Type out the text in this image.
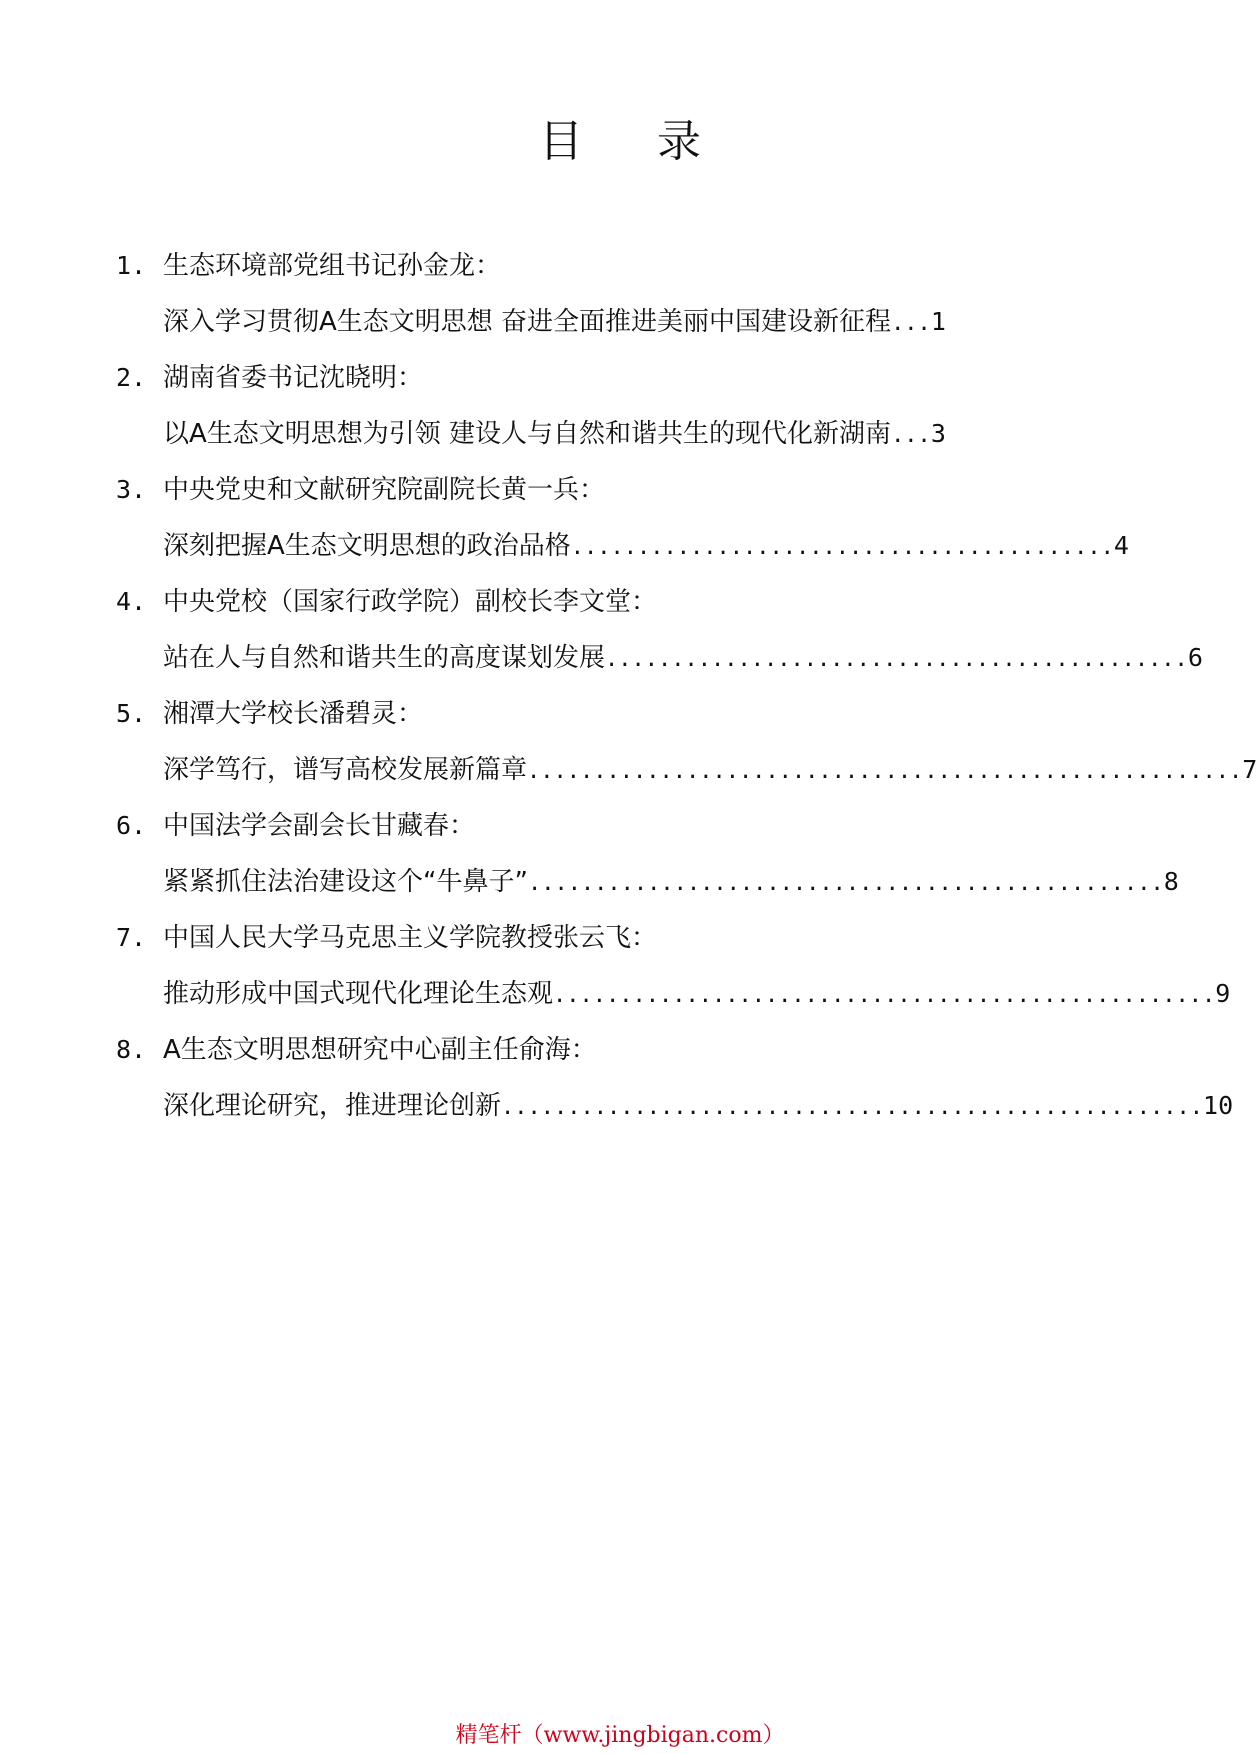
目 录
1. 生态环境部党组书记孙金龙：
深入学习贯彻A生态文明思想 奋进全面推进美丽中国建设新征程 ... 1
2. 湖南省委书记沈晓明：
以A生态文明思想为引领 建设人与自然和谐共生的现代化新湖南 ... 3
3. 中央党史和文献研究院副院长黄一兵：
深刻把握A生态文明思想的政治品格 ......................................... 4
4. 中央党校（国家行政学院）副校长李文堂：
站在人与自然和谐共生的高度谋划发展 ............................................ 6
5. 湘潭大学校长潘碧灵：
深学笃行，谱写高校发展新篇章 ...................................................... 7
6. 中国法学会副会长甘藏春：
紧紧抓住法治建设这个“牛鼻子” ................................................ 8
7. 中国人民大学马克思主义学院教授张云飞：
推动形成中国式现代化理论生态观 .................................................. 9
8. A生态文明思想研究中心副主任俞海：
深化理论研究，推进理论创新 ..................................................... 10
精笔杆（www.jingbigan.com）
